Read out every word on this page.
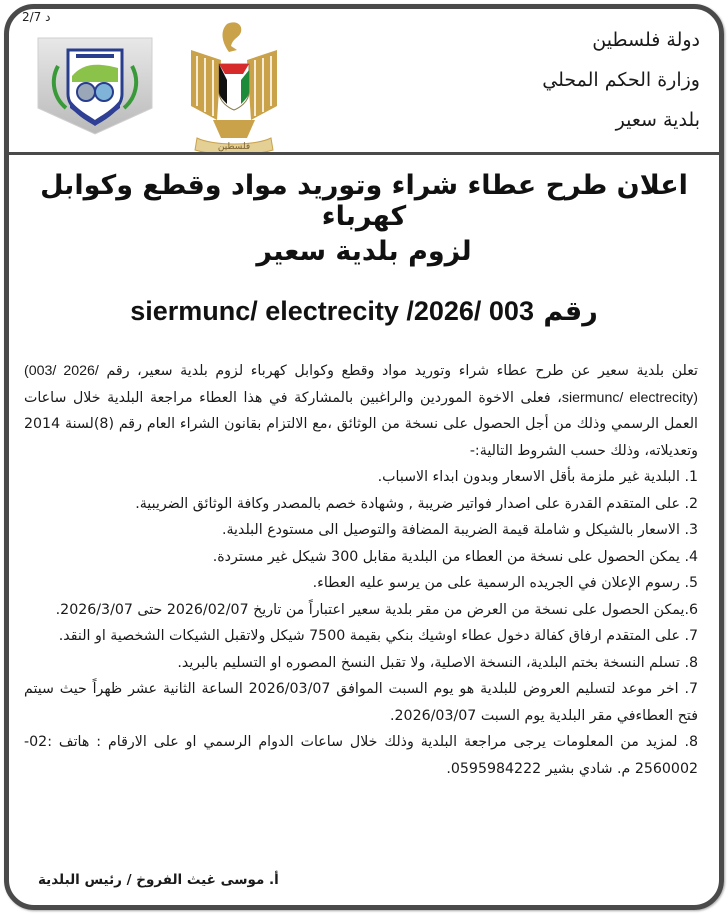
2/7 د
فلسطين
دولة فلسطين
وزارة الحكم المحلي
بلدية سعير
اعلان طرح عطاء شراء وتوريد مواد وقطع وكوابل كهرباء
لزوم بلدية سعير
رقم siermunc/ electrecity /2026/ 003

تعلن بلدية سعير عن طرح عطاء شراء وتوريد مواد وقطع وكوابل كهرباء لزوم بلدية سعير، رقم (003/ 2026/ siermunc/ electrecity)، فعلى الاخوة الموردين والراغبين بالمشاركة في هذا العطاء مراجعة البلدية خلال ساعات العمل الرسمي وذلك من أجل الحصول على نسخة من الوثائق ،مع الالتزام بقانون الشراء العام رقم (8)لسنة 2014 وتعديلاته، وذلك حسب الشروط التالية:-

1. البلدية غير ملزمة بأقل الاسعار وبدون ابداء الاسباب.
2. على المتقدم القدرة على اصدار فواتير ضريبة , وشهادة خصم بالمصدر وكافة الوثائق الضريبية.
3. الاسعار بالشيكل و شاملة قيمة الضريبة المضافة والتوصيل الى مستودع البلدية.
4. يمكن الحصول على نسخة من العطاء من البلدية مقابل 300 شيكل غير مستردة.
5. رسوم الإعلان في الجريده الرسمية على من يرسو عليه العطاء.
6.يمكن الحصول على نسخة من العرض من مقر بلدية سعير اعتباراً من تاريخ 2026/02/07 حتى 2026/3/07.
7. على المتقدم ارفاق كفالة دخول عطاء اوشيك بنكي بقيمة 7500 شيكل ولاتقبل الشيكات الشخصية او النقد.
8. تسلم النسخة بختم البلدية، النسخة الاصلية، ولا تقبل النسخ المصوره او التسليم بالبريد.
7. اخر موعد لتسليم العروض للبلدية هو يوم السبت الموافق 2026/03/07 الساعة الثانية عشر ظهراً حيث سيتم فتح العطاءفي مقر البلدية يوم السبت 2026/03/07.
8. لمزيد من المعلومات يرجى مراجعة البلدية وذلك خلال ساعات الدوام الرسمي او على الارقام : هاتف :02-2560002 م. شادي بشير 0595984222.
أ. موسى غيث الفروخ / رئيس البلدية
